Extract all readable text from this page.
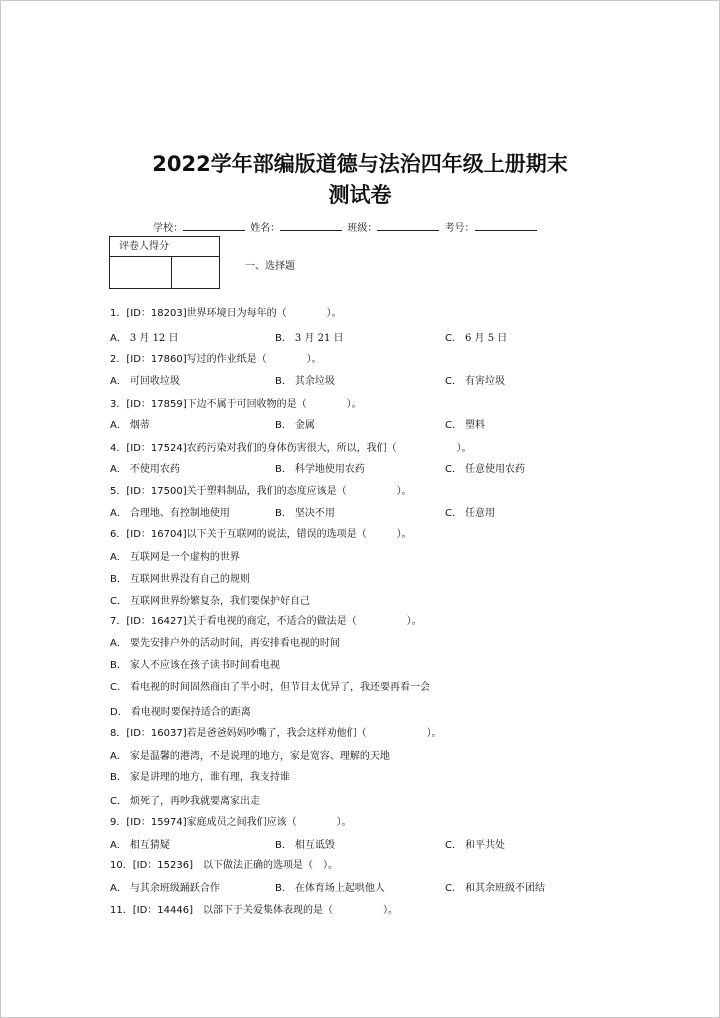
2022学年部编版道德与法治四年级上册期末
测试卷
学校：	姓名：	班级：	考号：
评卷人得分
一、选择题
1．[ID：18203]世界环境日为每年的（　　　　）。
A． 3 月 12 日	B． 3 月 21 日	C． 6 月 5 日
2．[ID：17860]写过的作业纸是（　　　　）。
A． 可回收垃圾	B． 其余垃圾	C． 有害垃圾
3．[ID：17859]下边不属于可回收物的是（　　　　）。
A． 烟蒂	B． 金属	C． 塑料
4．[ID：17524]农药污染对我们的身体伤害很大，所以，我们（　　　　　　）。
A． 不使用农药	B． 科学地使用农药	C． 任意使用农药
5．[ID：17500]关于塑料制品，我们的态度应该是（　　　　　）。
A． 合理地、有控制地使用	B． 坚决不用	C． 任意用
6．[ID：16704]以下关于互联网的说法，错误的选项是（　　　）。
A． 互联网是一个虚构的世界
B． 互联网世界没有自己的规则
C． 互联网世界纷繁复杂，我们要保护好自己
7．[ID：16427]关于看电视的商定，不适合的做法是（　　　　　）。
A． 要先安排户外的活动时间，再安排看电视的时间
B． 家人不应该在孩子读书时间看电视
C． 看电视的时间固然商由了半小时，但节目太优异了，我还要再看一会
D． 看电视时要保持适合的距离
8．[ID：16037]若是爸爸妈妈吵嘴了，我会这样劝他们（　　　　　　）。
A． 家是温馨的港湾，不是说理的地方，家是宽容、理解的天地
B． 家是讲理的地方，谁有理，我支持谁
C． 烦死了，再吵我就要离家出走
9．[ID：15974]家庭成员之间我们应该（　　　　）。
A． 相互猜疑	B． 相互诋毁	C． 和平共处
10．[ID：15236]　以下做法正确的选项是（　）。
A． 与其余班级踊跃合作	B． 在体育场上起哄他人	C． 和其余班级不团结
11．[ID：14446]　以部下于关爱集体表现的是（　　　　　）。
